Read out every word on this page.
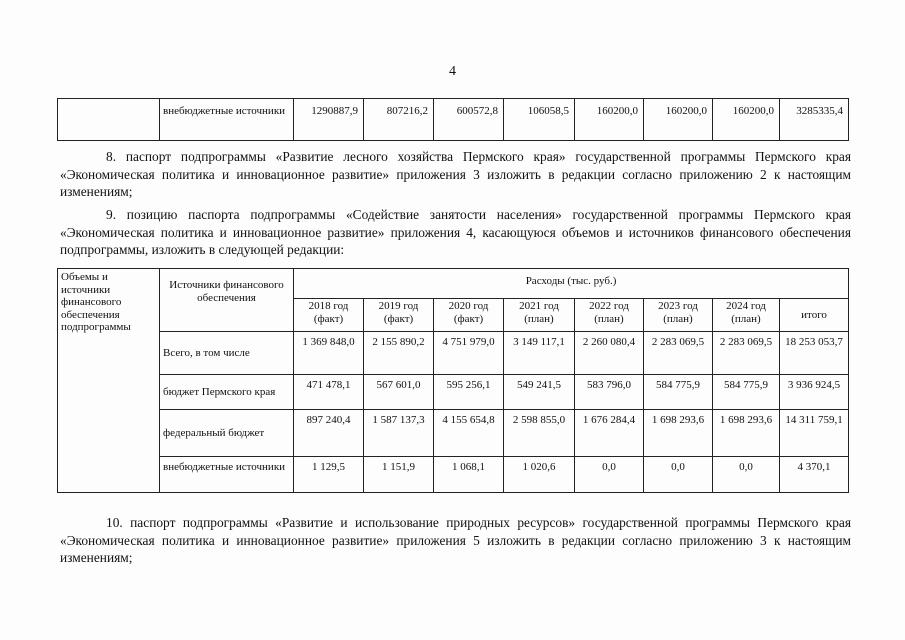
4
	внебюджетные источники	1290887,9	807216,2	600572,8	106058,5	160200,0	160200,0	160200,0	3285335,4
8. паспорт подпрограммы «Развитие лесного хозяйства Пермского края» государственной программы Пермского края «Экономическая политика и инновационное развитие» приложения 3 изложить в редакции согласно приложению 2 к настоящим изменениям;
9. позицию паспорта подпрограммы «Содействие занятости населения» государственной программы Пермского края «Экономическая политика и инновационное развитие» приложения 4, касающуюся объемов и источников финансового обеспечения подпрограммы, изложить в следующей редакции:
Объемы и источники финансового обеспечения подпрограммы	Источники финансового обеспечения	Расходы (тыс. руб.)							
		2018 год (факт)	2019 год (факт)	2020 год (факт)	2021 год (план)	2022 год (план)	2023 год (план)	2024 год (план)	итого
	Всего, в том числе	1 369 848,0	2 155 890,2	4 751 979,0	3 149 117,1	2 260 080,4	2 283 069,5	2 283 069,5	18 253 053,7
	бюджет Пермского края	471 478,1	567 601,0	595 256,1	549 241,5	583 796,0	584 775,9	584 775,9	3 936 924,5
	федеральный бюджет	897 240,4	1 587 137,3	4 155 654,8	2 598 855,0	1 676 284,4	1 698 293,6	1 698 293,6	14 311 759,1
	внебюджетные источники	1 129,5	1 151,9	1 068,1	1 020,6	0,0	0,0	0,0	4 370,1
10. паспорт подпрограммы «Развитие и использование природных ресурсов» государственной программы Пермского края «Экономическая политика и инновационное развитие» приложения 5 изложить в редакции согласно приложению 3 к настоящим изменениям;
